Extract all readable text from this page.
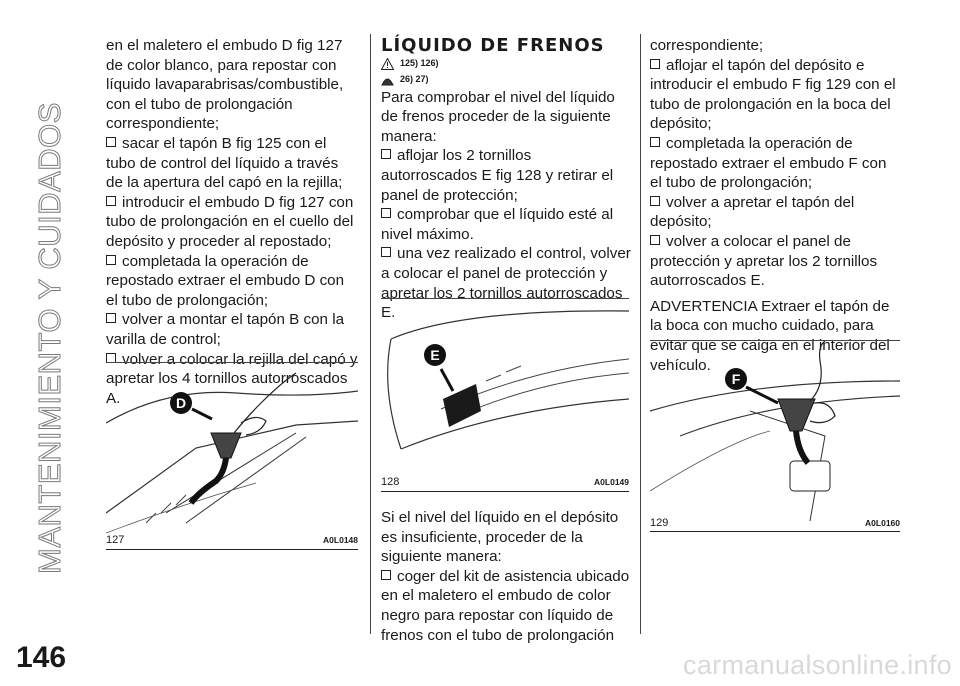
MANTENIMIENTO Y CUIDADOS

en el maletero el embudo D fig 127 de color blanco, para repostar con líquido lavaparabrisas/combustible, con el tubo de prolongación correspondiente;

sacar el tapón B fig 125 con el tubo de control del líquido a través de la apertura del capó en la rejilla;

introducir el embudo D fig 127 con tubo de prolongación en el cuello del depósito y proceder al repostado;

completada la operación de repostado extraer el embudo D con el tubo de prolongación;

volver a montar el tapón B con la varilla de control;

volver a colocar la rejilla del capó y apretar los 4 tornillos autorroscados A.	D
127	A0L0148

LÍQUIDO DE FRENOS

125) 126)
26) 27)

Para comprobar el nivel del líquido de frenos proceder de la siguiente manera:

aflojar los 2 tornillos autorroscados E fig 128 y retirar el panel de protección;

comprobar que el líquido esté al nivel máximo.

una vez realizado el control, volver a colocar el panel de protección y apretar los 2 tornillos autorroscados E.

E
128	A0L0149

Si el nivel del líquido en el depósito es insuficiente, proceder de la siguiente manera:

coger del kit de asistencia ubicado en el maletero el embudo de color negro para repostar con líquido de frenos con el tubo de prolongación

correspondiente;

aflojar el tapón del depósito e introducir el embudo F fig 129 con el tubo de prolongación en la boca del depósito;

completada la operación de repostado extraer el embudo F con el tubo de prolongación;

volver a apretar el tapón del depósito;

volver a colocar el panel de protección y apretar los 2 tornillos autorroscados E.

ADVERTENCIA Extraer el tapón de la boca con mucho cuidado, para evitar que se caiga en el interior del vehículo.

F
129	A0L0160
146	carmanualsonline.info
